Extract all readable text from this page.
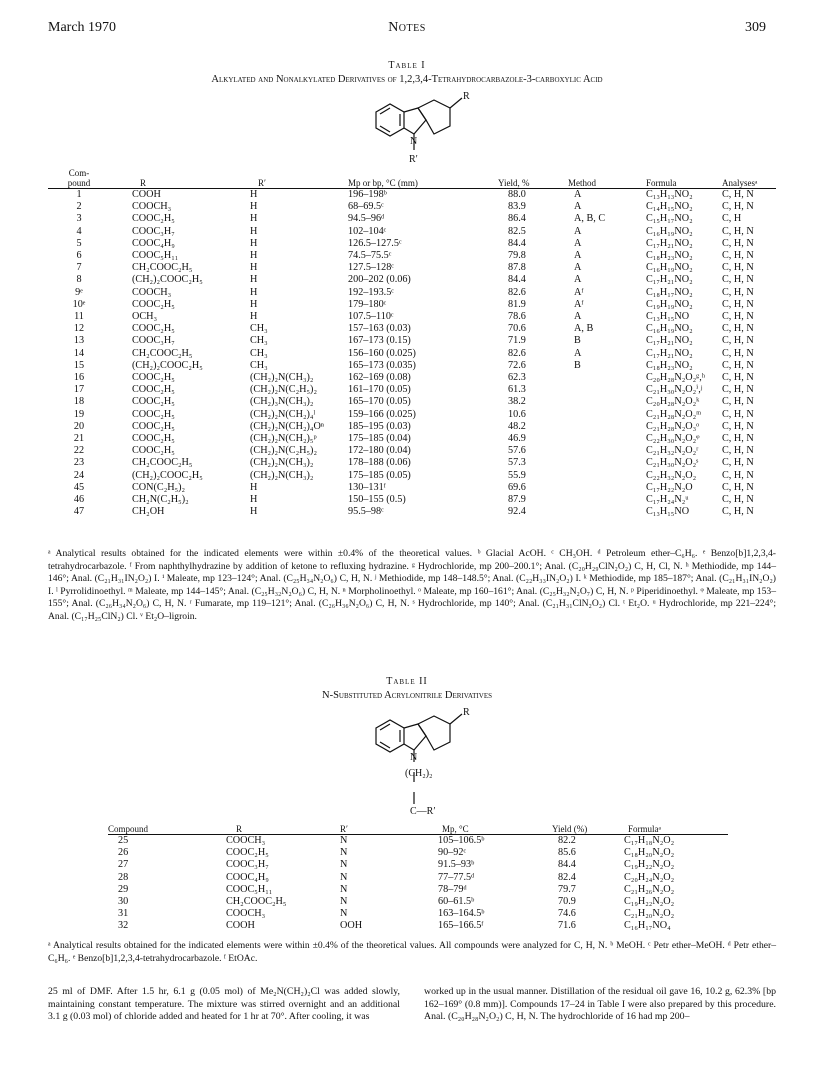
March 1970	Notes	309
Table I
Alkylated and Nonalkylated Derivatives of 1,2,3,4-Tetrahydrocarbazole-3-carboxylic Acid
R
N
R′
Com-							
pound	R	R′	Mp or bp, °C (mm)	Yield, %	Method	Formula	Analysesᵃ
1	COOH	H	196–198ᵇ	88.0	A	C₁₃H₁₃NO₂	C, H, N
2	COOCH₃	H	68–69.5ᶜ	83.9	A	C₁₄H₁₅NO₂	C, H, N
3	COOC₂H₅	H	94.5–96ᵈ	86.4	A, B, C	C₁₅H₁₇NO₂	C, H
4	COOC₃H₇	H	102–104ᶜ	82.5	A	C₁₆H₁₉NO₂	C, H, N
5	COOC₄H₉	H	126.5–127.5ᶜ	84.4	A	C₁₇H₂₁NO₂	C, H, N
6	COOC₅H₁₁	H	74.5–75.5ᶜ	79.8	A	C₁₈H₂₃NO₂	C, H, N
7	CH₂COOC₂H₅	H	127.5–128ᶜ	87.8	A	C₁₆H₁₉NO₂	C, H, N
8	(CH₂)₂COOC₂H₅	H	200–202 (0.06)	84.4	A	C₁₇H₂₁NO₂	C, H, N
9ᵉ	COOCH₃	H	192–193.5ᶜ	82.6	Aᶠ	C₁₈H₁₇NO₂	C, H, N
10ᵉ	COOC₂H₅	H	179–180ᶜ	81.9	Aᶠ	C₁₉H₁₉NO₂	C, H, N
11	OCH₃	H	107.5–110ᶜ	78.6	A	C₁₃H₁₅NO	C, H, N
12	COOC₂H₅	CH₃	157–163 (0.03)	70.6	A, B	C₁₆H₁₉NO₂	C, H, N
13	COOC₃H₇	CH₃	167–173 (0.15)	71.9	B	C₁₇H₂₁NO₂	C, H, N
14	CH₂COOC₂H₅	CH₃	156–160 (0.025)	82.6	A	C₁₇H₂₁NO₂	C, H, N
15	(CH₂)₂COOC₂H₅	CH₃	165–173 (0.035)	72.6	B	C₁₈H₂₃NO₂	C, H, N
16	COOC₂H₅	(CH₂)₂N(CH₃)₂	162–169 (0.08)	62.3		C₂₀H₂₈N₂O₂ᵍ,ʰ	C, H, N
17	COOC₂H₅	(CH₂)₂N(C₂H₅)₂	161–170 (0.05)	61.3		C₂₁H₃₀N₂O₂ⁱ,ʲ	C, H, N
18	COOC₂H₅	(CH₂)₃N(CH₃)₂	165–170 (0.05)	38.2		C₂₀H₂₈N₂O₂ᵏ	C, H, N
19	COOC₂H₅	(CH₂)₂N(CH₂)₄ˡ	159–166 (0.025)	10.6		C₂₁H₂₈N₂O₂ᵐ	C, H, N
20	COOC₂H₅	(CH₂)₂N(CH₂)₄Oⁿ	185–195 (0.03)	48.2		C₂₁H₂₈N₂O₃ᵒ	C, H, N
21	COOC₂H₅	(CH₂)₂N(CH₂)₅ᵖ	175–185 (0.04)	46.9		C₂₂H₃₀N₂O₂ᵠ	C, H, N
22	COOC₂H₅	(CH₂)₂N(C₂H₅)₂	172–180 (0.04)	57.6		C₂₁H₃₂N₂O₂ʳ	C, H, N
23	CH₂COOC₂H₅	(CH₂)₂N(CH₃)₂	178–188 (0.06)	57.3		C₂₁H₃₀N₂O₂ˢ	C, H, N
24	(CH₂)₂COOC₂H₅	(CH₂)₂N(CH₃)₂	175–185 (0.05)	55.9		C₂₂H₃₂N₂O₂	C, H, N
45	CON(C₂H₅)₂	H	130–131ᶠ	69.6		C₁₇H₂₂N₂O	C, H, N
46	CH₂N(C₂H₅)₂	H	150–155 (0.5)	87.9		C₁₇H₂₄N₂ᵘ	C, H, N
47	CH₂OH	H	95.5–98ᶜ	92.4		C₁₃H₁₅NO	C, H, N
ᵃ Analytical results obtained for the indicated elements were within ±0.4% of the theoretical values. ᵇ Glacial AcOH. ᶜ CH₃OH. ᵈ Petroleum ether–C₆H₆. ᵉ Benzo[b]1,2,3,4-tetrahydrocarbazole. ᶠ From naphthylhydrazine by addition of ketone to refluxing hydrazine. ᵍ Hydrochloride, mp 200–200.1°; Anal. (C₂₀H₂₉ClN₂O₂) C, H, Cl, N. ʰ Methiodide, mp 144–146°; Anal. (C₂₁H₃₁IN₂O₂) I. ⁱ Maleate, mp 123–124°; Anal. (C₂₅H₃₄N₂O₆) C, H, N. ʲ Methiodide, mp 148–148.5°; Anal. (C₂₂H₃₃IN₂O₂) I. ᵏ Methiodide, mp 185–187°; Anal. (C₂₁H₃₁IN₂O₂) I. ˡ Pyrrolidinoethyl. ᵐ Maleate, mp 144–145°; Anal. (C₂₅H₃₂N₂O₆) C, H, N. ⁿ Morpholinoethyl. ᵒ Maleate, mp 160–161°; Anal. (C₂₅H₃₂N₂O₇) C, H, N. ᵖ Piperidinoethyl. ᵠ Maleate, mp 153–155°; Anal. (C₂₆H₃₄N₂O₆) C, H, N. ʳ Fumarate, mp 119–121°; Anal. (C₂₆H₃₆N₂O₆) C, H, N. ˢ Hydrochloride, mp 140°; Anal. (C₂₁H₃₁ClN₂O₂) Cl. ᵗ Et₂O. ᵘ Hydrochloride, mp 221–224°; Anal. (C₁₇H₂₅ClN₂) Cl. ᵛ Et₂O–ligroin.
Table II
N-Substituted Acrylonitrile Derivatives
R
N
(CH₂)₂
C—R′
Compound	R	R′	Mp, °C	Yield (%)	Formulaᵃ
25	COOCH₃	N	105–106.5ᵇ	82.2	C₁₇H₁₈N₂O₂
26	COOC₂H₅	N	90–92ᶜ	85.6	C₁₈H₂₀N₂O₂
27	COOC₃H₇	N	91.5–93ᵇ	84.4	C₁₉H₂₂N₂O₂
28	COOC₄H₉	N	77–77.5ᵈ	82.4	C₂₀H₂₄N₂O₂
29	COOC₅H₁₁	N	78–79ᵈ	79.7	C₂₁H₂₆N₂O₂
30	CH₂COOC₂H₅	N	60–61.5ᵇ	70.9	C₁₉H₂₂N₂O₂
31	COOCH₃	N	163–164.5ᵇ	74.6	C₂₁H₂₀N₂O₂
32	COOH	OOH	165–166.5ᶠ	71.6	C₁₆H₁₇NO₄
ᵃ Analytical results obtained for the indicated elements were within ±0.4% of the theoretical values. All compounds were analyzed for C, H, N. ᵇ MeOH. ᶜ Petr ether–MeOH. ᵈ Petr ether–C₆H₆. ᵉ Benzo[b]1,2,3,4-tetrahydrocarbazole. ᶠ EtOAc.
25 ml of DMF. After 1.5 hr, 6.1 g (0.05 mol) of Me₂N(CH₂)₂Cl was added slowly, maintaining constant temperature. The mixture was stirred overnight and an additional 3.1 g (0.03 mol) of chloride added and heated for 1 hr at 70°. After cooling, it was
worked up in the usual manner. Distillation of the residual oil gave 16, 10.2 g, 62.3% [bp 162–169° (0.8 mm)]. Compounds 17–24 in Table I were also prepared by this procedure. Anal. (C₂₀H₂₈N₂O₂) C, H, N. The hydrochloride of 16 had mp 200–
